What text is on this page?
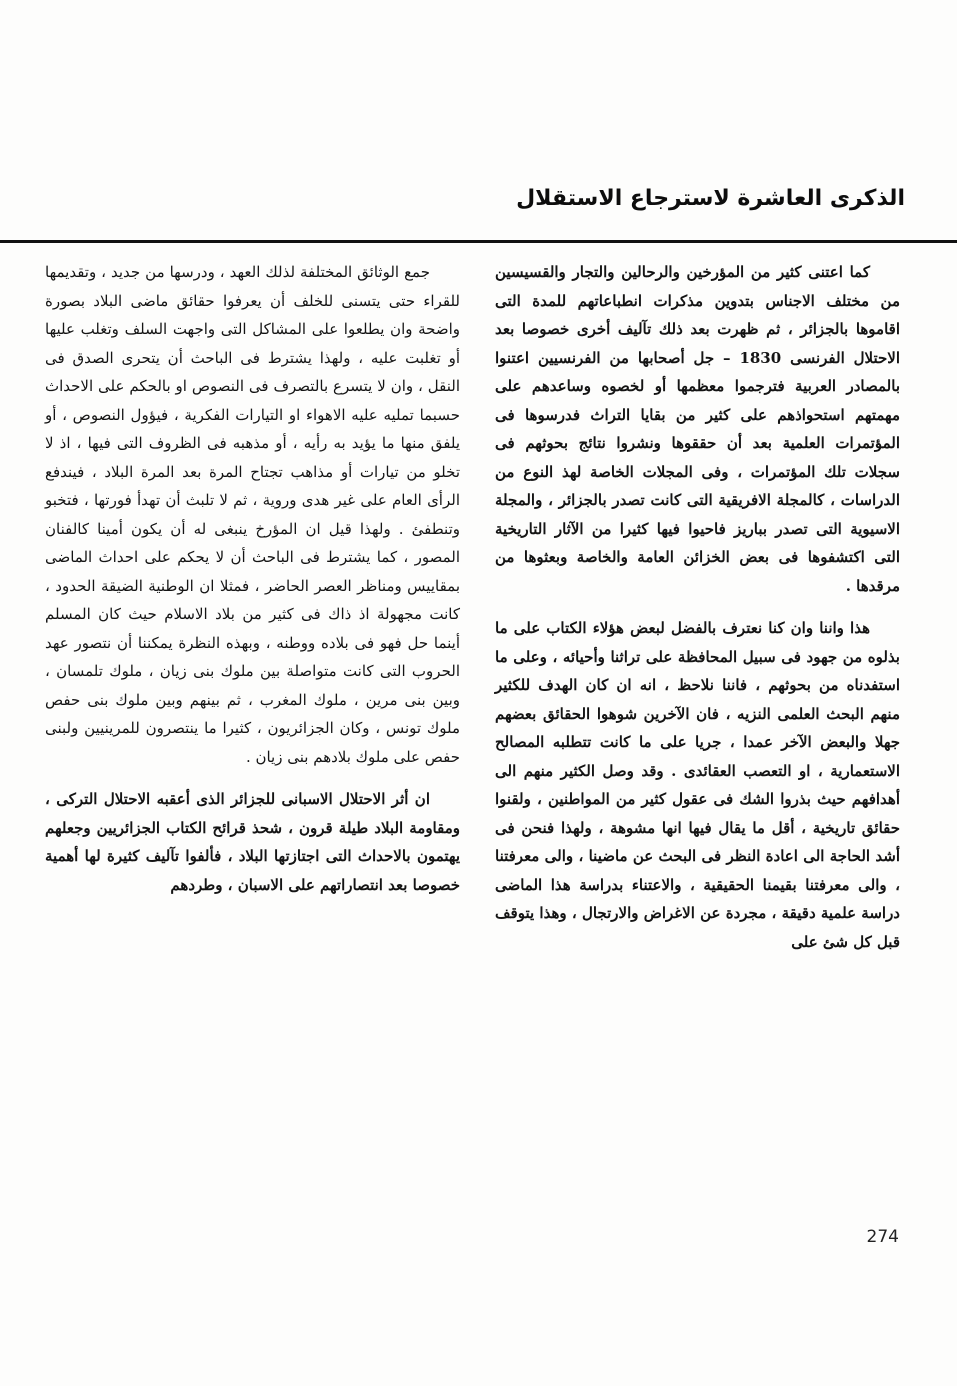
الذكرى العاشرة لاسترجاع الاستقلال

كما اعتنى كثير من المؤرخين والرحالين والتجار والقسيسين من مختلف الاجناس بتدوين مذكرات انطباعاتهم للمدة التى اقاموها بالجزائر ، ثم ظهرت بعد ذلك تآليف أخرى خصوصا بعد الاحتلال الفرنسى 1830 – جل أصحابها من الفرنسيين اعتنوا بالمصادر العربية فترجموا معظمها أو لخصوه وساعدهم على مهمتهم استحواذهم على كثير من بقايا التراث فدرسوها فى المؤتمرات العلمية بعد أن حققوها ونشروا نتائج بحوثهم فى سجلات تلك المؤتمرات ، وفى المجلات الخاصة لهذ النوع من الدراسات ، كالمجلة الافريقية التى كانت تصدر بالجزائر ، والمجلة الاسيوية التى تصدر بباريز فاحيوا فيها كثيرا من الآثار التاريخية التى اكتشفوها فى بعض الخزائن العامة والخاصة وبعثوها من مرقدها .

هذا واننا وان كنا نعترف بالفضل لبعض هؤلاء الكتاب على ما بذلوه من جهود فى سبيل المحافظة على تراثنا وأحيائه ، وعلى ما استفدناه من بحوثهم ، فاننا نلاحظ ، انه ان كان الهدف للكثير منهم البحث العلمى النزيه ، فان الآخرين شوهوا الحقائق بعضهم جهلا والبعض الآخر عمدا ، جريا على ما كانت تتطلبه المصالح الاستعمارية ، او التعصب العقائدى . وقد وصل الكثير منهم الى أهدافهم حيث بذروا الشك فى عقول كثير من المواطنين ، ولقنوا حقائق تاريخية ، أقل ما يقال فيها انها مشوهة ، ولهذا فنحن فى أشد الحاجة الى اعادة النظر فى البحث عن ماضينا ، والى معرفتنا ، والى معرفتنا بقيمنا الحقيقية ، والاعتناء بدراسة هذا الماضى دراسة علمية دقيقة ، مجردة عن الاغراض والارتجال ، وهذا يتوقف قبل كل شئ على

جمع الوثائق المختلفة لذلك العهد ، ودرسها من جديد ، وتقديمها للقراء حتى يتسنى للخلف أن يعرفوا حقائق ماضى البلاد بصورة واضحة وان يطلعوا على المشاكل التى واجهت السلف وتغلب عليها أو تغلبت عليه ، ولهذا يشترط فى الباحث أن يتحرى الصدق فى النقل ، وان لا يتسرع بالتصرف فى النصوص او بالحكم على الاحداث حسبما تمليه عليه الاهواء او التيارات الفكرية ، فيؤول النصوص ، أو يلفق منها ما يؤيد به رأيه ، أو مذهبه فى الظروف التى فيها ، اذ لا تخلو من تيارات أو مذاهب تجتاح المرة بعد المرة البلاد ، فيندفع الرأى العام على غير هدى وروية ، ثم لا تلبث أن تهدأ فورتها ، فتخبو وتنطفئ . ولهذا قيل ان المؤرخ ينبغى له أن يكون أمينا كالفنان المصور ، كما يشترط فى الباحث أن لا يحكم على احداث الماضى بمقاييس ومناظر العصر الحاضر ، فمثلا ان الوطنية الضيقة الحدود ، كانت مجهولة اذ ذاك فى كثير من بلاد الاسلام حيث كان المسلم أينما حل فهو فى بلاده ووطنه ، وبهذه النظرة يمكننا أن نتصور عهد الحروب التى كانت متواصلة بين ملوك بنى زيان ، ملوك تلمسان ، وبين بنى مرين ، ملوك المغرب ، ثم بينهم وبين ملوك بنى حفص ملوك تونس ، وكان الجزائريون ، كثيرا ما ينتصرون للمرينيين ولبنى حفص على ملوك بلادهم بنى زيان .

ان أثر الاحتلال الاسبانى للجزائر الذى أعقبه الاحتلال التركى ، ومقاومة البلاد طيلة قرون ، شحذ قرائح الكتاب الجزائريين وجعلهم يهتمون بالاحداث التى اجتازتها البلاد ، فألفوا تآليف كثيرة لها أهمية خصوصا بعد انتصاراتهم على الاسبان ، وطردهم

274
